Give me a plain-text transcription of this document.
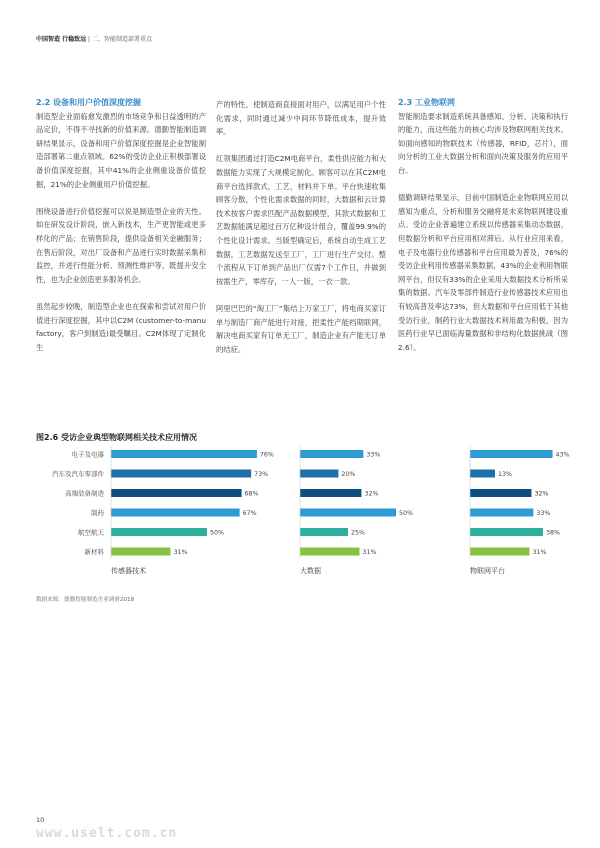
中国智造 行稳致远 | 二、智能制造部署重点
2.2 设备和用户价值深度挖掘

制造型企业面临愈发激烈的市场竞争和日益透明的产品定价，不得不寻找新的价值来源。德勤智能制造调研结果显示，设备和用户价值深度挖掘是企业智能制造部署第二重点领域。62%的受访企业正积极部署设备价值深度挖掘，其中41%的企业侧重设备价值挖掘，21%的企业侧重用户价值挖掘。

围绕设备进行价值挖掘可以说是制造型企业的天性。如在研发设计阶段，嵌入新技术，生产更智能或更多样化的产品；在销售阶段，提供设备相关金融服务；在售后阶段，对出厂设备和产品进行实时数据采集和监控，并进行性能分析、预测性维护等，既提升安全性，也为企业创造更多服务机会。

虽然起步较晚，制造型企业也在探索和尝试对用户价值进行深度挖掘，其中以C2M (customer-to-manufactory，客户到制造)最受瞩目。C2M体现了定制化生

产的特性，使制造商直接面对用户，以满足用户个性化需求，同时通过减少中间环节降低成本，提升效率。

红领集团通过打造C2M电商平台，柔性供应能力和大数据能力实现了大规模定制化。顾客可以在其C2M电商平台选择款式，工艺，材料并下单。平台快速收集顾客分散，个性化需求数据的同时，大数据和云计算技术按客户需求匹配产品数据模型，其款式数据和工艺数据能满足超过百万亿种设计组合，覆盖99.9%的个性化设计需求。当版型确定后，系统自动生成工艺数据，工艺数据发送至工厂，工厂进行生产交付。整个流程从下订单到产品出厂仅需7个工作日，并做到按需生产，零库存，一人一版，一衣一款。

阿里巴巴的“淘工厂”集结上万家工厂，将电商买家订单与制造厂商产能进行对接，把柔性产能档期联网，解决电商买家有订单无工厂，制造企业有产能无订单的结症。

2.3 工业物联网

智能制造要求制造系统具备感知、分析、决策和执行的能力，而这些能力的核心均涉及物联网相关技术，如面向感知的物联技术（传感器，RFID，芯片），面向分析的工业大数据分析和面向决策及服务的应用平台。

德勤调研结果显示，目前中国制造企业物联网应用以感知为重点，分析和服务交融将是未来物联网建设重点。受访企业普遍建立系统以传感器采集动态数据，但数据分析和平台应用相对滞后。从行业应用来看，电子及电器行业传感器和平台应用最为普及，76%的受访企业利用传感器采集数据，43%的企业利用物联网平台，但仅有33%的企业采用大数据技术分析所采集的数据。汽车及零部件制造行业传感器技术应用也有较高普及率达73%，但大数据和平台应用低于其他受访行业，制药行业大数据技术利用最为积极，因为医药行业早已面临海量数据和非结构化数据挑战（图2.6）。

图2.6 受访企业典型物联网相关技术应用情况
电子及电器
汽车及汽车零部件
高端装备制造
制药
航空航天
新材料
76%
73%
68%
67%
50%
31%
传感器技术
33%
20%
32%
50%
25%
31%
大数据
43%
13%
32%
33%
38%
31%
物联网平台
数据来源：德勤智能制造企业调研2018
10
www.uselt.com.cn
